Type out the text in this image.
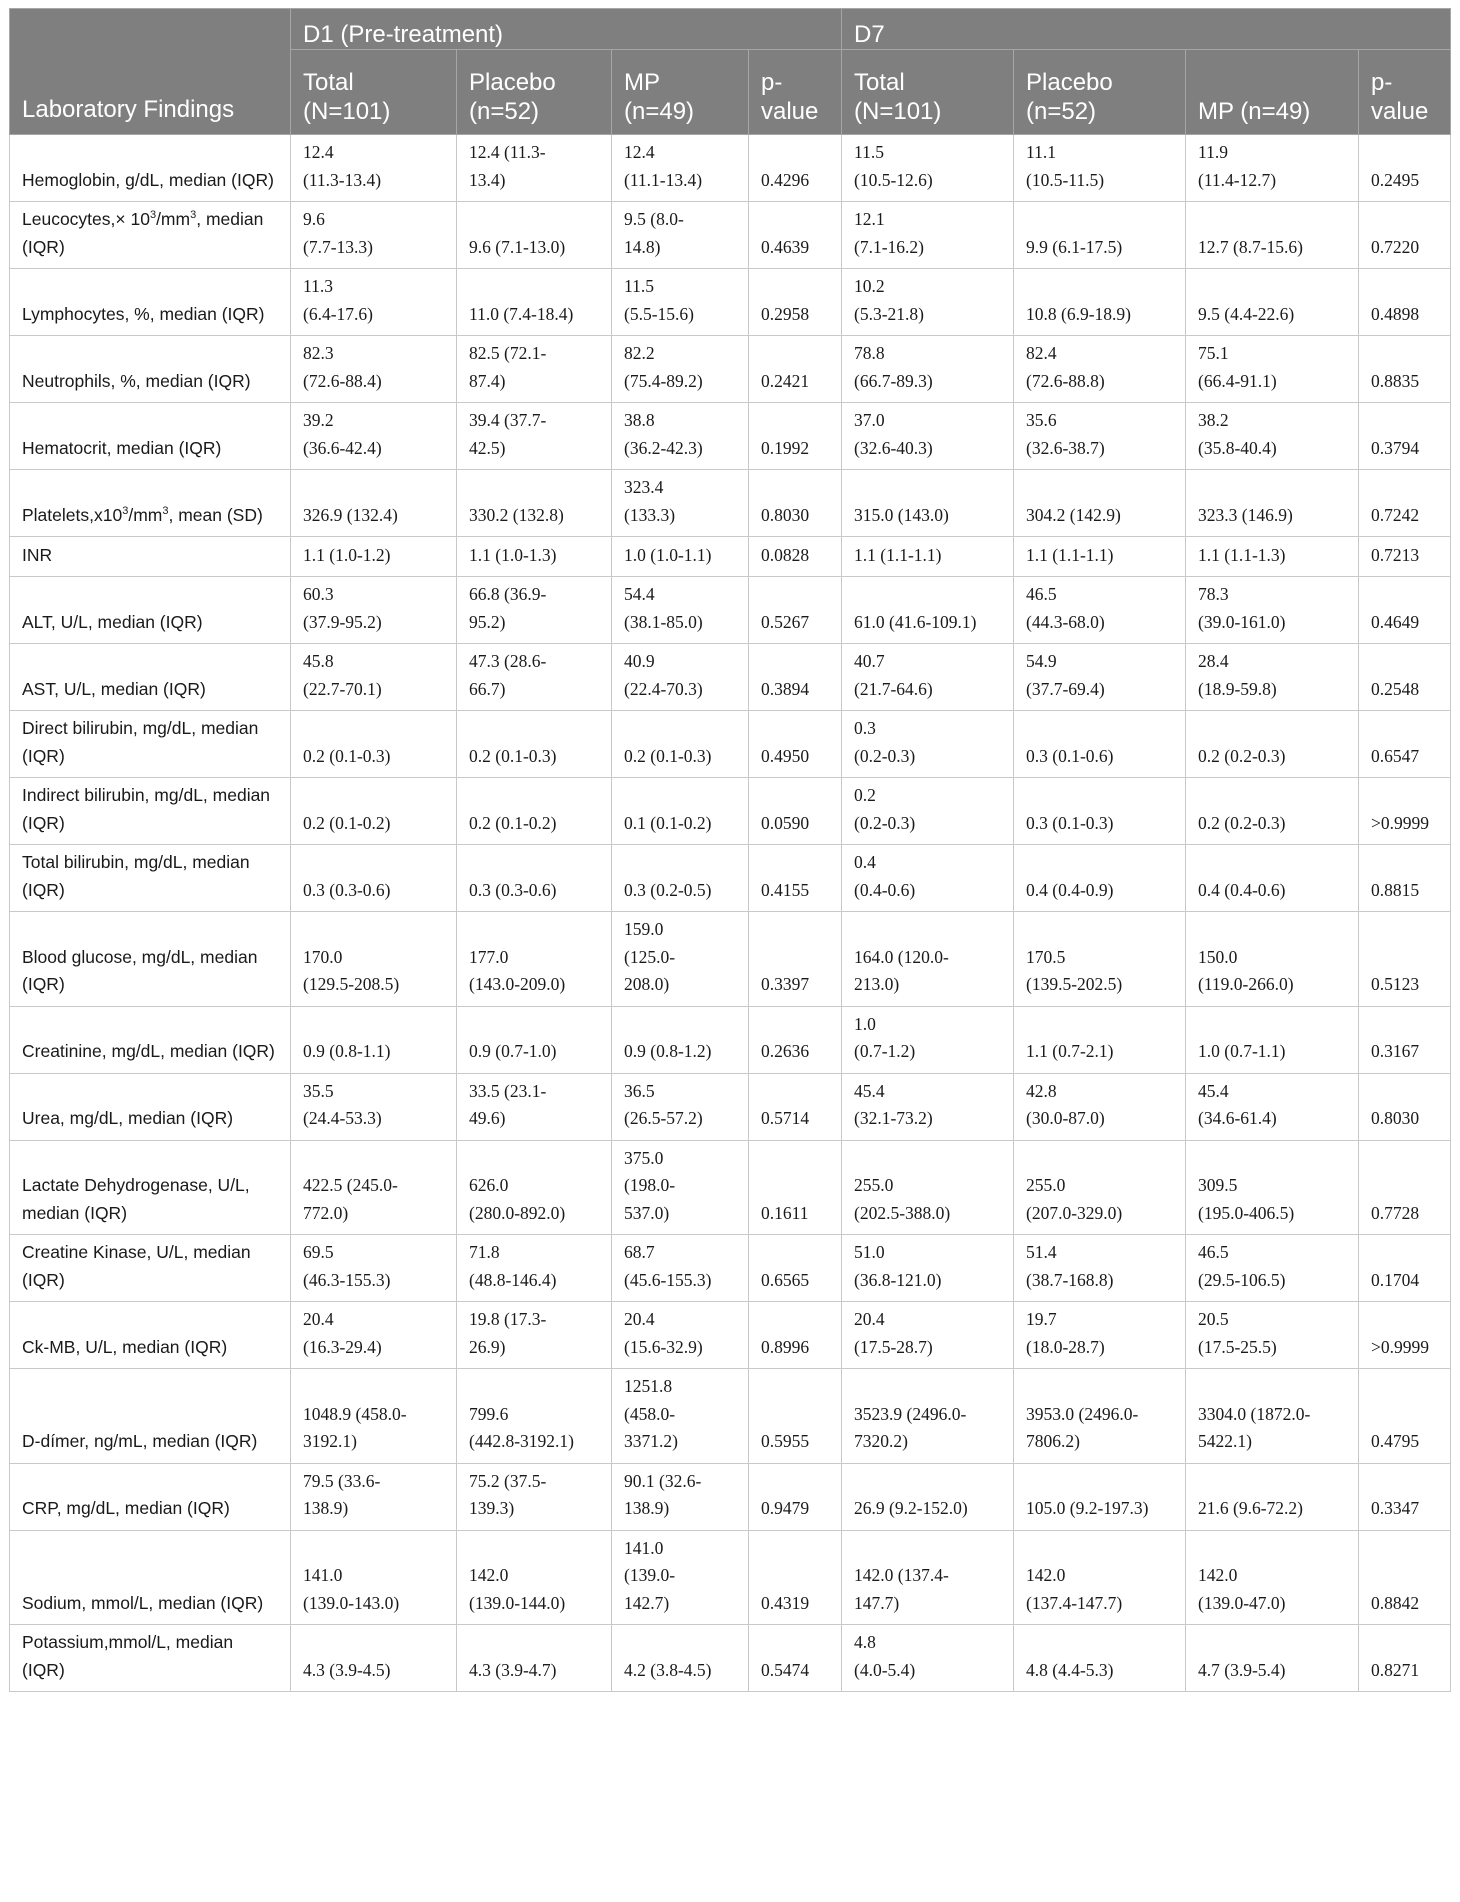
Laboratory Findings	D1 (Pre-treatment)				D7			
	Total
(N=101)	Placebo
(n=52)	MP
(n=49)	p-
value	Total
(N=101)	Placebo
(n=52)	MP (n=49)	p-
value
Hemoglobin, g/dL, median (IQR)	12.4
(11.3-13.4)	12.4 (11.3-
13.4)	12.4
(11.1-13.4)	0.4296	11.5
(10.5-12.6)	11.1
(10.5-11.5)	11.9
(11.4-12.7)	0.2495
Leucocytes,× $10^3/mm^3$, median (IQR)	9.6
(7.7-13.3)	9.6 (7.1-13.0)	9.5 (8.0-
14.8)	0.4639	12.1
(7.1-16.2)	9.9 (6.1-17.5)	12.7 (8.7-15.6)	0.7220
Lymphocytes, %, median (IQR)	11.3
(6.4-17.6)	11.0 (7.4-18.4)	11.5
(5.5-15.6)	0.2958	10.2
(5.3-21.8)	10.8 (6.9-18.9)	9.5 (4.4-22.6)	0.4898
Neutrophils, %, median (IQR)	82.3
(72.6-88.4)	82.5 (72.1-
87.4)	82.2
(75.4-89.2)	0.2421	78.8
(66.7-89.3)	82.4
(72.6-88.8)	75.1
(66.4-91.1)	0.8835
Hematocrit, median (IQR)	39.2
(36.6-42.4)	39.4 (37.7-
42.5)	38.8
(36.2-42.3)	0.1992	37.0
(32.6-40.3)	35.6
(32.6-38.7)	38.2
(35.8-40.4)	0.3794
$Platelets,x10^3/mm^3$, mean (SD)	326.9 (132.4)	330.2 (132.8)	323.4
(133.3)	0.8030	315.0 (143.0)	304.2 (142.9)	323.3 (146.9)	0.7242
INR	1.1 (1.0-1.2)	1.1 (1.0-1.3)	1.0 (1.0-1.1)	0.0828	1.1 (1.1-1.1)	1.1 (1.1-1.1)	1.1 (1.1-1.3)	0.7213
ALT, U/L, median (IQR)	60.3
(37.9-95.2)	66.8 (36.9-
95.2)	54.4
(38.1-85.0)	0.5267	61.0 (41.6-109.1)	46.5
(44.3-68.0)	78.3
(39.0-161.0)	0.4649
AST, U/L, median (IQR)	45.8
(22.7-70.1)	47.3 (28.6-
66.7)	40.9
(22.4-70.3)	0.3894	40.7
(21.7-64.6)	54.9
(37.7-69.4)	28.4
(18.9-59.8)	0.2548
Direct bilirubin, mg/dL, median (IQR)	0.2 (0.1-0.3)	0.2 (0.1-0.3)	0.2 (0.1-0.3)	0.4950	0.3
(0.2-0.3)	0.3 (0.1-0.6)	0.2 (0.2-0.3)	0.6547
Indirect bilirubin, mg/dL, median (IQR)	0.2 (0.1-0.2)	0.2 (0.1-0.2)	0.1 (0.1-0.2)	0.0590	0.2
(0.2-0.3)	0.3 (0.1-0.3)	0.2 (0.2-0.3)	>0.9999
Total bilirubin, mg/dL, median (IQR)	0.3 (0.3-0.6)	0.3 (0.3-0.6)	0.3 (0.2-0.5)	0.4155	0.4
(0.4-0.6)	0.4 (0.4-0.9)	0.4 (0.4-0.6)	0.8815
Blood glucose, mg/dL, median (IQR)	170.0
(129.5-208.5)	177.0
(143.0-209.0)	159.0
(125.0-
208.0)	0.3397	164.0 (120.0-
213.0)	170.5
(139.5-202.5)	150.0
(119.0-266.0)	0.5123
Creatinine, mg/dL, median (IQR)	0.9 (0.8-1.1)	0.9 (0.7-1.0)	0.9 (0.8-1.2)	0.2636	1.0
(0.7-1.2)	1.1 (0.7-2.1)	1.0 (0.7-1.1)	0.3167
Urea, mg/dL, median (IQR)	35.5
(24.4-53.3)	33.5 (23.1-
49.6)	36.5
(26.5-57.2)	0.5714	45.4
(32.1-73.2)	42.8
(30.0-87.0)	45.4
(34.6-61.4)	0.8030
Lactate Dehydrogenase, U/L, median (IQR)	422.5 (245.0-
772.0)	626.0
(280.0-892.0)	375.0
(198.0-
537.0)	0.1611	255.0
(202.5-388.0)	255.0
(207.0-329.0)	309.5
(195.0-406.5)	0.7728
Creatine Kinase, U/L, median (IQR)	69.5
(46.3-155.3)	71.8
(48.8-146.4)	68.7
(45.6-155.3)	0.6565	51.0
(36.8-121.0)	51.4
(38.7-168.8)	46.5
(29.5-106.5)	0.1704
Ck-MB, U/L, median (IQR)	20.4
(16.3-29.4)	19.8 (17.3-
26.9)	20.4
(15.6-32.9)	0.8996	20.4
(17.5-28.7)	19.7
(18.0-28.7)	20.5
(17.5-25.5)	>0.9999
D-dímer, ng/mL, median (IQR)	1048.9 (458.0-
3192.1)	799.6
(442.8-3192.1)	1251.8
(458.0-
3371.2)	0.5955	3523.9 (2496.0-
7320.2)	3953.0 (2496.0-
7806.2)	3304.0 (1872.0-
5422.1)	0.4795
CRP, mg/dL, median (IQR)	79.5 (33.6-
138.9)	75.2 (37.5-
139.3)	90.1 (32.6-
138.9)	0.9479	26.9 (9.2-152.0)	105.0 (9.2-197.3)	21.6 (9.6-72.2)	0.3347
Sodium, mmol/L, median (IQR)	141.0
(139.0-143.0)	142.0
(139.0-144.0)	141.0
(139.0-
142.7)	0.4319	142.0 (137.4-
147.7)	142.0
(137.4-147.7)	142.0
(139.0-47.0)	0.8842
Potassium,mmol/L, median (IQR)	4.3 (3.9-4.5)	4.3 (3.9-4.7)	4.2 (3.8-4.5)	0.5474	4.8
(4.0-5.4)	4.8 (4.4-5.3)	4.7 (3.9-5.4)	0.8271
